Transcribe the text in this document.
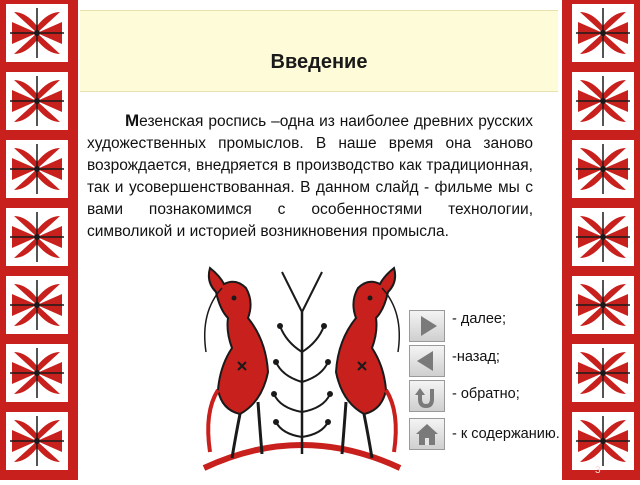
Введение

Мезенская роспись –одна из наиболее древних русских художественных промыслов. В наше время она заново возрождается, внедряется в производство как традиционная, так и усовершенствованная. В данном слайд - фильме мы с вами познакомимся с особенностями технологии, символикой и историей возникновения промысла.

- далее;
-назад;
- обратно;
- к содержанию.
3
